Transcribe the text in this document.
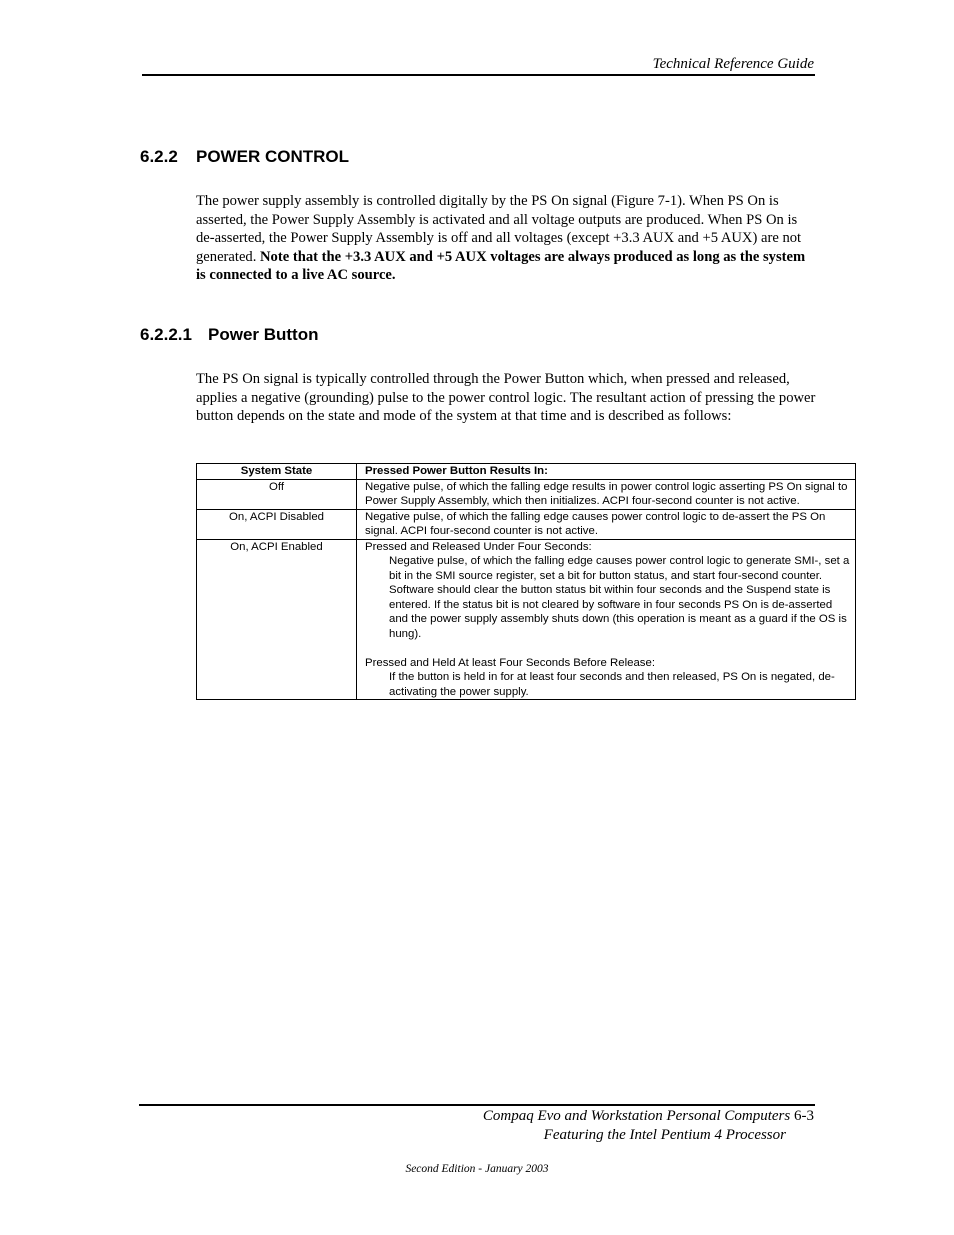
Technical Reference Guide
6.2.2 POWER CONTROL
The power supply assembly is controlled digitally by the PS On signal (Figure 7-1). When PS On is asserted, the Power Supply Assembly is activated and all voltage outputs are produced. When PS On is de-asserted, the Power Supply Assembly is off and all voltages (except +3.3 AUX and +5 AUX) are not generated. Note that the +3.3 AUX and +5 AUX voltages are always produced as long as the system is connected to a live AC source.
6.2.2.1 Power Button
The PS On signal is typically controlled through the Power Button which, when pressed and released, applies a negative (grounding) pulse to the power control logic. The resultant action of pressing the power button depends on the state and mode of the system at that time and is described as follows:
System State	Pressed Power Button Results In:
Off	Negative pulse, of which the falling edge results in power control logic asserting PS On signal to Power Supply Assembly, which then initializes. ACPI four-second counter is not active.
On, ACPI Disabled	Negative pulse, of which the falling edge causes power control logic to de-assert the PS On signal. ACPI four-second counter is not active.
On, ACPI Enabled	Pressed and Released Under Four Seconds:
Negative pulse, of which the falling edge causes power control logic to generate SMI-, set a bit in the SMI source register, set a bit for button status, and start four-second counter. Software should clear the button status bit within four seconds and the Suspend state is entered. If the status bit is not cleared by software in four seconds PS On is de-asserted and the power supply assembly shuts down (this operation is meant as a guard if the OS is hung).
Pressed and Held At least Four Seconds Before Release:
If the button is held in for at least four seconds and then released, PS On is negated, de-activating the power supply.
Compaq Evo and Workstation Personal Computers 6-3
Featuring the Intel Pentium 4 Processor
Second Edition - January 2003
